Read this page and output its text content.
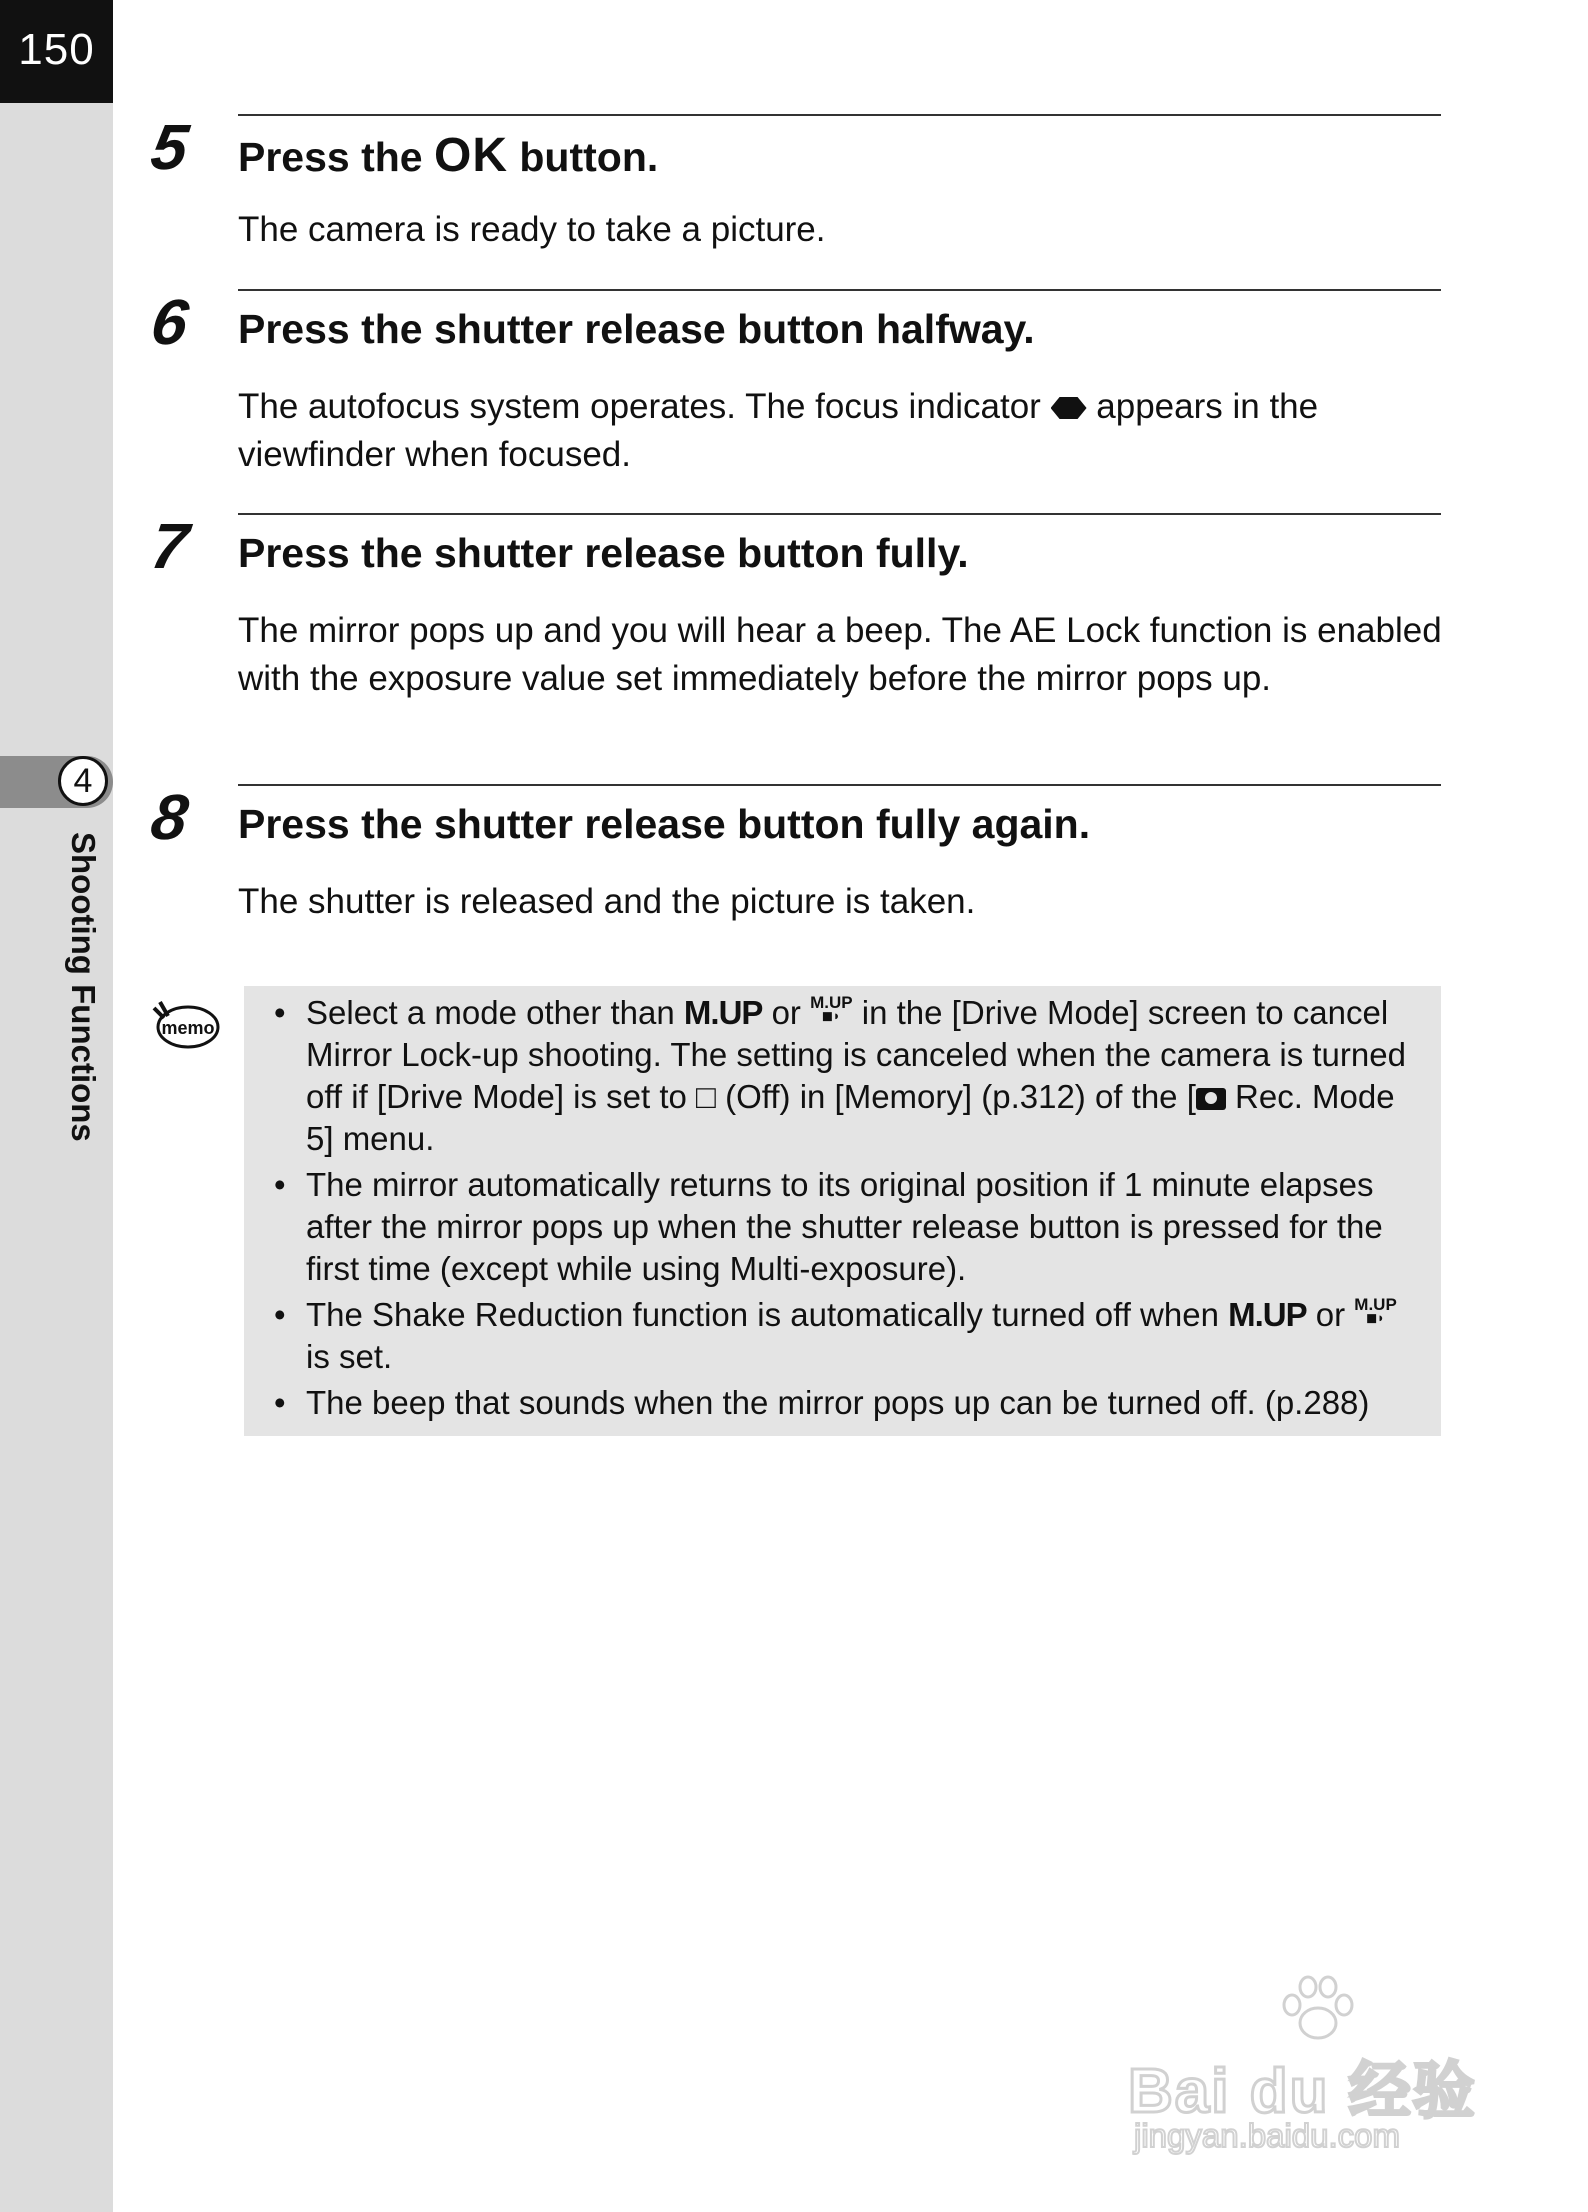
150
4
Shooting Functions
5 Press the OK button.
The camera is ready to take a picture.
6 Press the shutter release button halfway.
The autofocus system operates. The focus indicator  appears in the viewfinder when focused.
7 Press the shutter release button fully.
The mirror pops up and you will hear a beep. The AE Lock function is enabled with the exposure value set immediately before the mirror pops up.
8 Press the shutter release button fully again.
The shutter is released and the picture is taken.
memo
•	Select a mode other than M.UP or M.UP
◼◗ in the [Drive Mode] screen to cancel Mirror Lock-up shooting. The setting is canceled when the camera is turned off if [Drive Mode] is set to □ (Off) in [Memory] (p.312) of the [ Rec. Mode 5] menu.
• The mirror automatically returns to its original position if 1 minute elapses after the mirror pops up when the shutter release button is pressed for the first time (except while using Multi-exposure).
• The Shake Reduction function is automatically turned off when M.UP or M.UP
◼◗

is set.
• The beep that sounds when the mirror pops up can be turned off. (p.288)
Bai du 经验
jingyan.baidu.com
